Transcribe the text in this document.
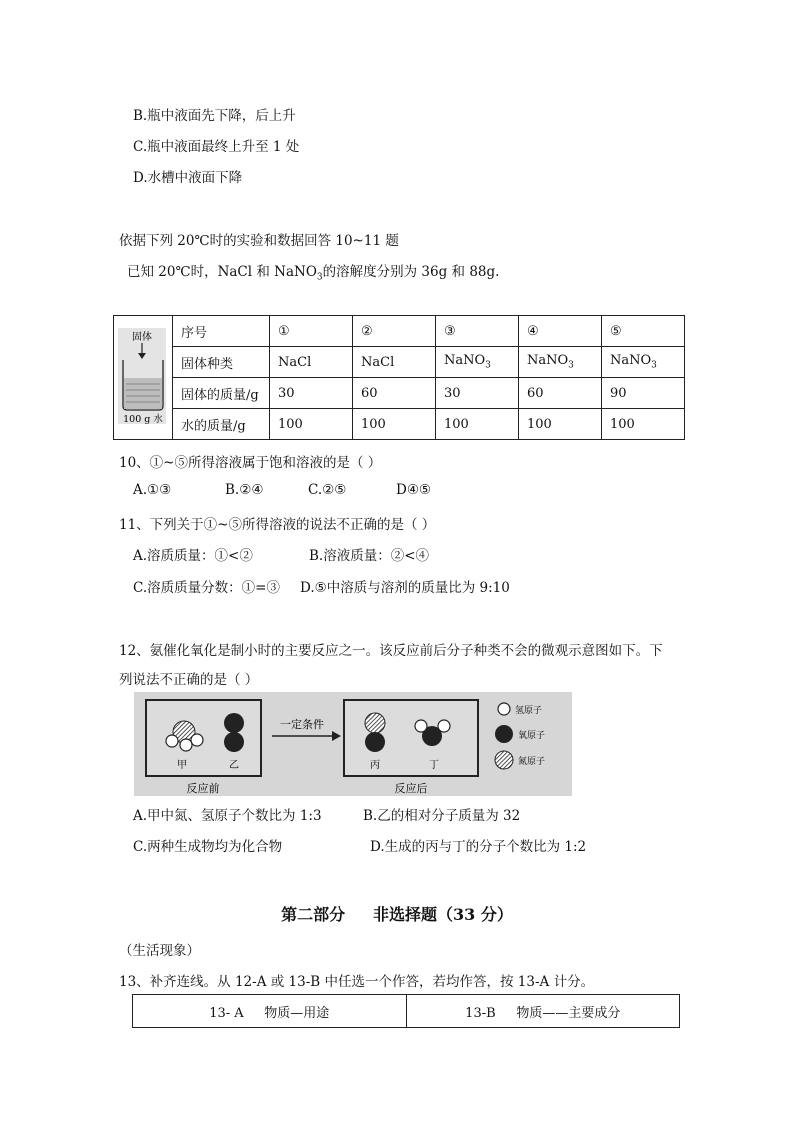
B.瓶中液面先下降，后上升
C.瓶中液面最终上升至 1 处
D.水槽中液面下降
依据下列 20℃时的实验和数据回答 10~11 题
已知 20℃时，NaCl 和 NaNO$_3$的溶解度分别为 36g 和 88g.
固体
100 g 水	序号	①	②	③	④	⑤
	固体种类	NaCl	NaCl	NaNO$_3$	NaNO$_3$	NaNO$_3$
	固体的质量/g	30	60	30	60	90
	水的质量/g	100	100	100	100	100
10、①~⑤所得溶液属于饱和溶液的是（ ）
A.①③	B.②④	C.②⑤	D④⑤
11、下列关于①~⑤所得溶液的说法不正确的是（ ）
A.溶质质量：①<②	B.溶液质量：②<④
C.溶质质量分数：①=③ D.⑤中溶质与溶剂的质量比为 9:10
12、氨催化氧化是制小时的主要反应之一。该反应前后分子种类不会的微观示意图如下。下
列说法不正确的是（ ）
甲	乙
一定条件
丙	丁
氢原子
氧原子
氮原子
反应前	反应后
A.甲中氮、氢原子个数比为 1:3	B.乙的相对分子质量为 32
C.两种生成物均为化合物	D.生成的丙与丁的分子个数比为 1:2
第二部分     非选择题（33 分）
（生活现象）
13、补齐连线。从 12-A 或 13-B 中任选一个作答，若均作答，按 13-A 计分。
13- A     物质—用途	13-B     物质——主要成分
